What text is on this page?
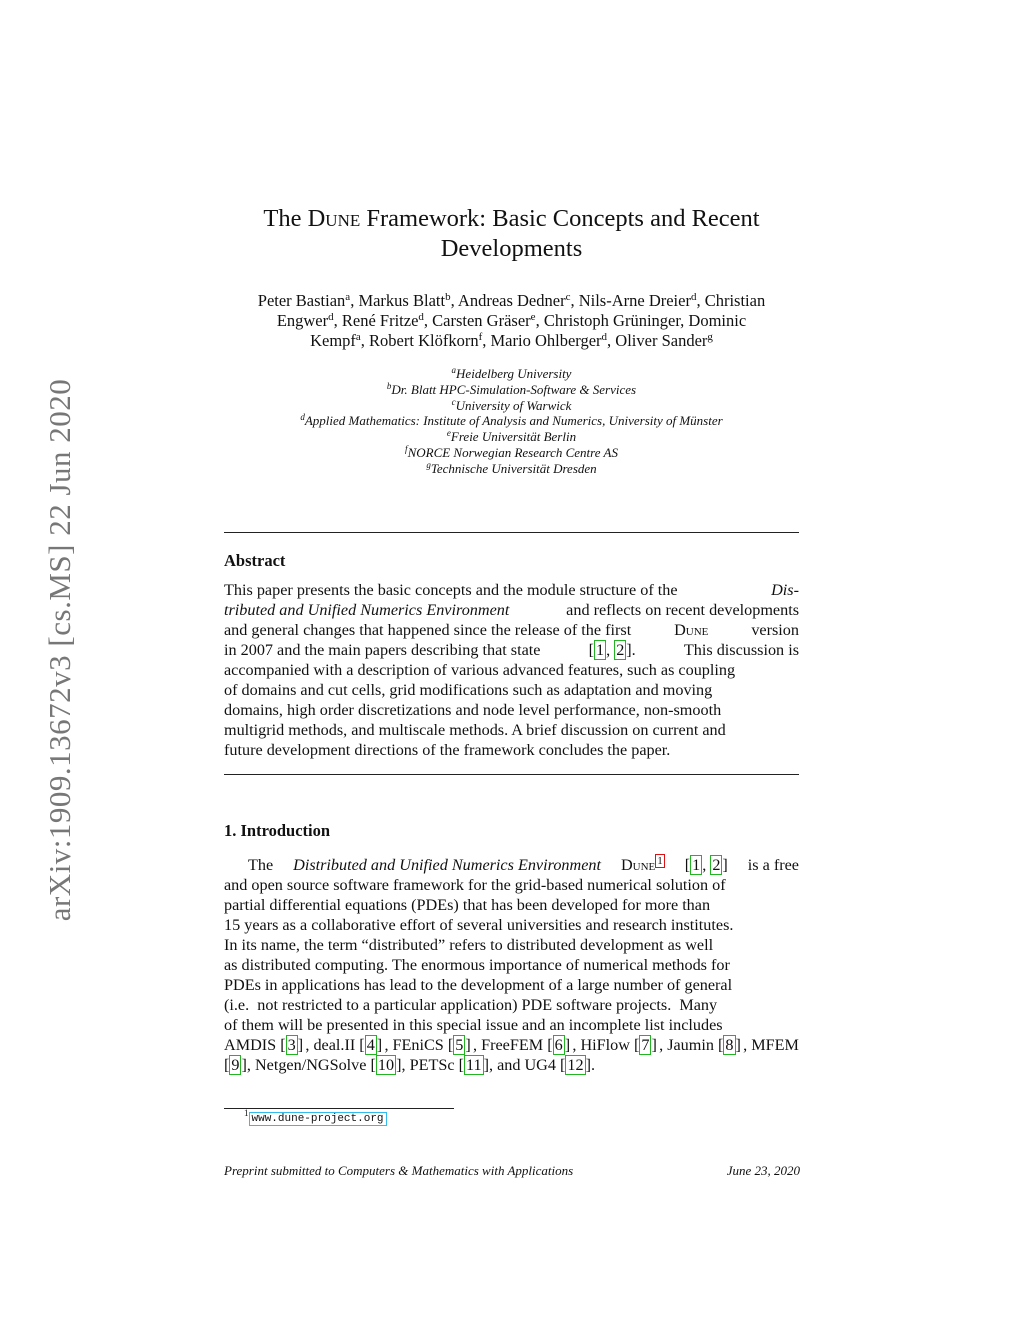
arXiv:1909.13672v3 [cs.MS] 22 Jun 2020
The Dune Framework: Basic Concepts and Recent
Developments
Peter Bastian$^a$, Markus Blatt$^b$, Andreas Dedner$^c$, Nils-Arne Dreier$^d$, Christian
Engwer$^d$, René Fritze$^d$, Carsten Gräser$^e$, Christoph Grüninger, Dominic
Kempf$^a$, Robert Klöfkorn$^f$, Mario Ohlberger$^d$, Oliver Sander$^g$
$^a$Heidelberg University
$^b$Dr. Blatt HPC-Simulation-Software & Services
$^c$University of Warwick
$^d$Applied Mathematics: Institute of Analysis and Numerics, University of Münster
$^e$Freie Universität Berlin
$^f$NORCE Norwegian Research Centre AS
$^g$Technische Universität Dresden
Abstract
This paper presents the basic concepts and the module structure of the	Dis-
tributed and Unified Numerics Environment	and reflects on recent developments
and general changes that happened since the release of the first	Dune	version
in 2007 and the main papers describing that state	[ 1 , 2 ].	This discussion is
accompanied with a description of various advanced features, such as coupling
of domains and cut cells, grid modifications such as adaptation and moving
domains, high order discretizations and node level performance, non-smooth
multigrid methods, and multiscale methods. A brief discussion on current and
future development directions of the framework concludes the paper.
1. Introduction
The Distributed and Unified Numerics Environment Dune $^1$ [ 1 , 2 ] is a free
and open source software framework for the grid-based numerical solution of
partial differential equations (PDEs) that has been developed for more than
15 years as a collaborative effort of several universities and research institutes.
In its name, the term “distributed” refers to distributed development as well
as distributed computing. The enormous importance of numerical methods for
PDEs in applications has lead to the development of a large number of general
(i.e.  not restricted to a particular application) PDE software projects.  Many
of them will be presented in this special issue and an incomplete list includes
AMDIS [ 3 ] , deal.II [ 4 ] , FEniCS [ 5 ] , FreeFEM [ 6 ] , HiFlow [ 7 ] , Jaumin [ 8 ] , MFEM
[ 9 ], Netgen/NGSolve [ 10 ], PETSc [ 11 ], and UG4 [ 12 ].
$^1$ www.dune-project.org
Preprint submitted to Computers & Mathematics with Applications	June 23, 2020
